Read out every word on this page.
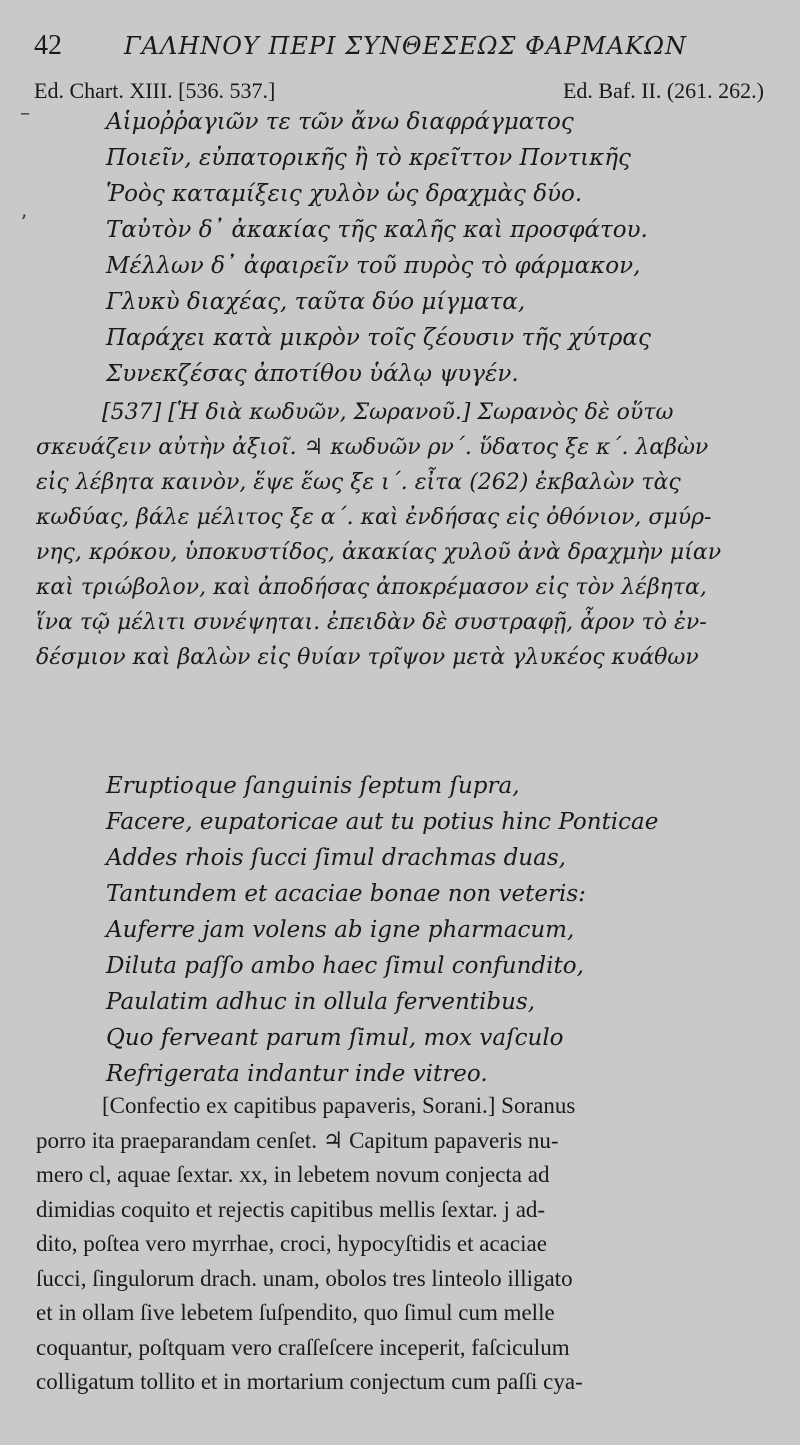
42	ΓΑΛΗΝΟΥ ΠΕΡΙ ΣΥΝΘΕΣΕΩΣ ΦΑΡΜΑΚΩΝ
Ed. Chart. XIII. [536. 537.]	Ed. Baf. II. (261. 262.)
–
ʼ
Αἱμοῤῥαγιῶν τε τῶν ἄνω διαφράγματος
Ποιεῖν, εὐπατορικῆς ἢ τὸ κρεῖττον Ποντικῆς
Ῥοὸς καταμίξεις χυλὸν ὡς δραχμὰς δύο.
Ταὐτὸν δ᾽ ἀκακίας τῆς καλῆς καὶ προσφάτου.
Μέλλων δ᾽ ἀφαιρεῖν τοῦ πυρὸς τὸ φάρμακον,
Γλυκὺ διαχέας, ταῦτα δύο μίγματα,
Παράχει κατὰ μικρὸν τοῖς ζέουσιν τῆς χύτρας
Συνεκζέσας ἀποτίθου ὑάλῳ ψυγέν.
[537] [Ἡ διὰ κωδυῶν, Σωρανοῦ.] Σωρανὸς δὲ οὕτω
σκευάζειν αὐτὴν ἀξιοῖ. ♃ κωδυῶν ρν΄. ὕδατος ξε κ΄. λαβὼν
εἰς λέβητα καινὸν, ἕψε ἕως ξε ι΄. εἶτα (262) ἐκβαλὼν τὰς
κωδύας, βάλε μέλιτος ξε α΄. καὶ ἐνδήσας εἰς ὀθόνιον, σμύρ-
νης, κρόκου, ὑποκυστίδος, ἀκακίας χυλοῦ ἀνὰ δραχμὴν μίαν
καὶ τριώβολον, καὶ ἀποδήσας ἀποκρέμασον εἰς τὸν λέβητα,
ἵνα τῷ μέλιτι συνέψηται. ἐπειδὰν δὲ συστραφῇ, ἆρον τὸ ἐν-
δέσμιον καὶ βαλὼν εἰς θυίαν τρῖψον μετὰ γλυκέος κυάθων
Eruptioque ſanguinis ſeptum ſupra,
Facere, eupatoricae aut tu potius hinc Ponticae
Addes rhois ſucci ſimul drachmas duas,
Tantundem et acaciae bonae non veteris:
Auferre jam volens ab igne pharmacum,
Diluta paſſo ambo haec ſimul confundito,
Paulatim adhuc in ollula ferventibus,
Quo ferveant parum ſimul, mox vaſculo
Refrigerata indantur inde vitreo.
[Confectio ex capitibus papaveris, Sorani.] Soranus
porro ita praeparandam cenſet. ♃ Capitum papaveris nu-
mero cl, aquae ſextar. xx, in lebetem novum conjecta ad
dimidias coquito et rejectis capitibus mellis ſextar. j ad-
dito, poſtea vero myrrhae, croci, hypocyſtidis et acaciae
ſucci, ſingulorum drach. unam, obolos tres linteolo illigato
et in ollam ſive lebetem ſuſpendito, quo ſimul cum melle
coquantur, poſtquam vero craſſeſcere inceperit, faſciculum
colligatum tollito et in mortarium conjectum cum paſſi cya-
